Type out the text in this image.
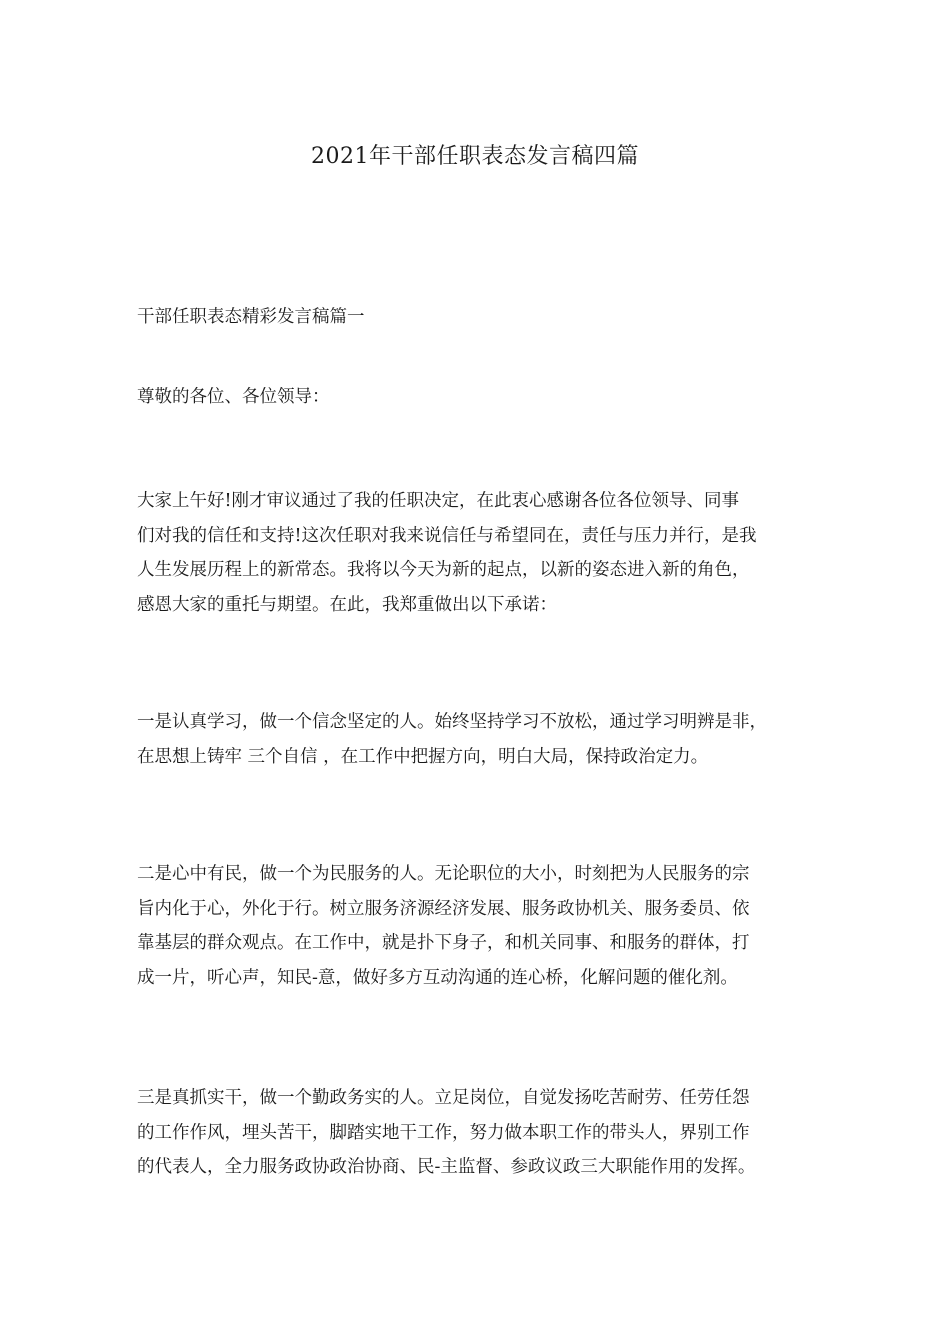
2021年干部任职表态发言稿四篇
干部任职表态精彩发言稿篇一
尊敬的各位、各位领导：
大家上午好!刚才审议通过了我的任职决定，在此衷心感谢各位各位领导、同事
们对我的信任和支持!这次任职对我来说信任与希望同在，责任与压力并行，是我
人生发展历程上的新常态。我将以今天为新的起点，以新的姿态进入新的角色，
感恩大家的重托与期望。在此，我郑重做出以下承诺：
一是认真学习，做一个信念坚定的人。始终坚持学习不放松，通过学习明辨是非，
在思想上铸牢 三个自信 ，在工作中把握方向，明白大局，保持政治定力。
二是心中有民，做一个为民服务的人。无论职位的大小，时刻把为人民服务的宗
旨内化于心，外化于行。树立服务济源经济发展、服务政协机关、服务委员、依
靠基层的群众观点。在工作中，就是扑下身子，和机关同事、和服务的群体，打
成一片，听心声，知民-意，做好多方互动沟通的连心桥，化解问题的催化剂。
三是真抓实干，做一个勤政务实的人。立足岗位，自觉发扬吃苦耐劳、任劳任怨
的工作作风，埋头苦干，脚踏实地干工作，努力做本职工作的带头人，界别工作
的代表人，全力服务政协政治协商、民-主监督、参政议政三大职能作用的发挥。
